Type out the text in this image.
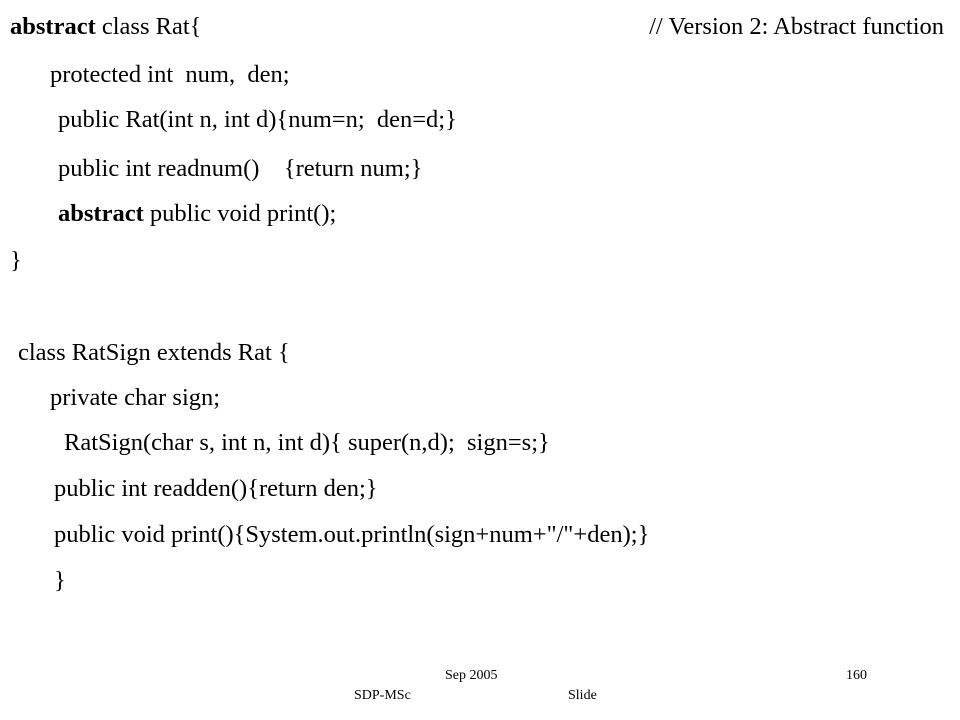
abstract class Rat{	// Version 2: Abstract function
protected int  num,  den;
public Rat(int n, int d){num=n;  den=d;}
public int readnum()    {return num;}
abstract public void print();
}
class RatSign extends Rat {
private char sign;
RatSign(char s, int n, int d){ super(n,d);  sign=s;}
public int readden(){return den;}
public void print(){System.out.println(sign+num+"/"+den);}
}
Sep 2005
SDP-MSc	Slide
160
